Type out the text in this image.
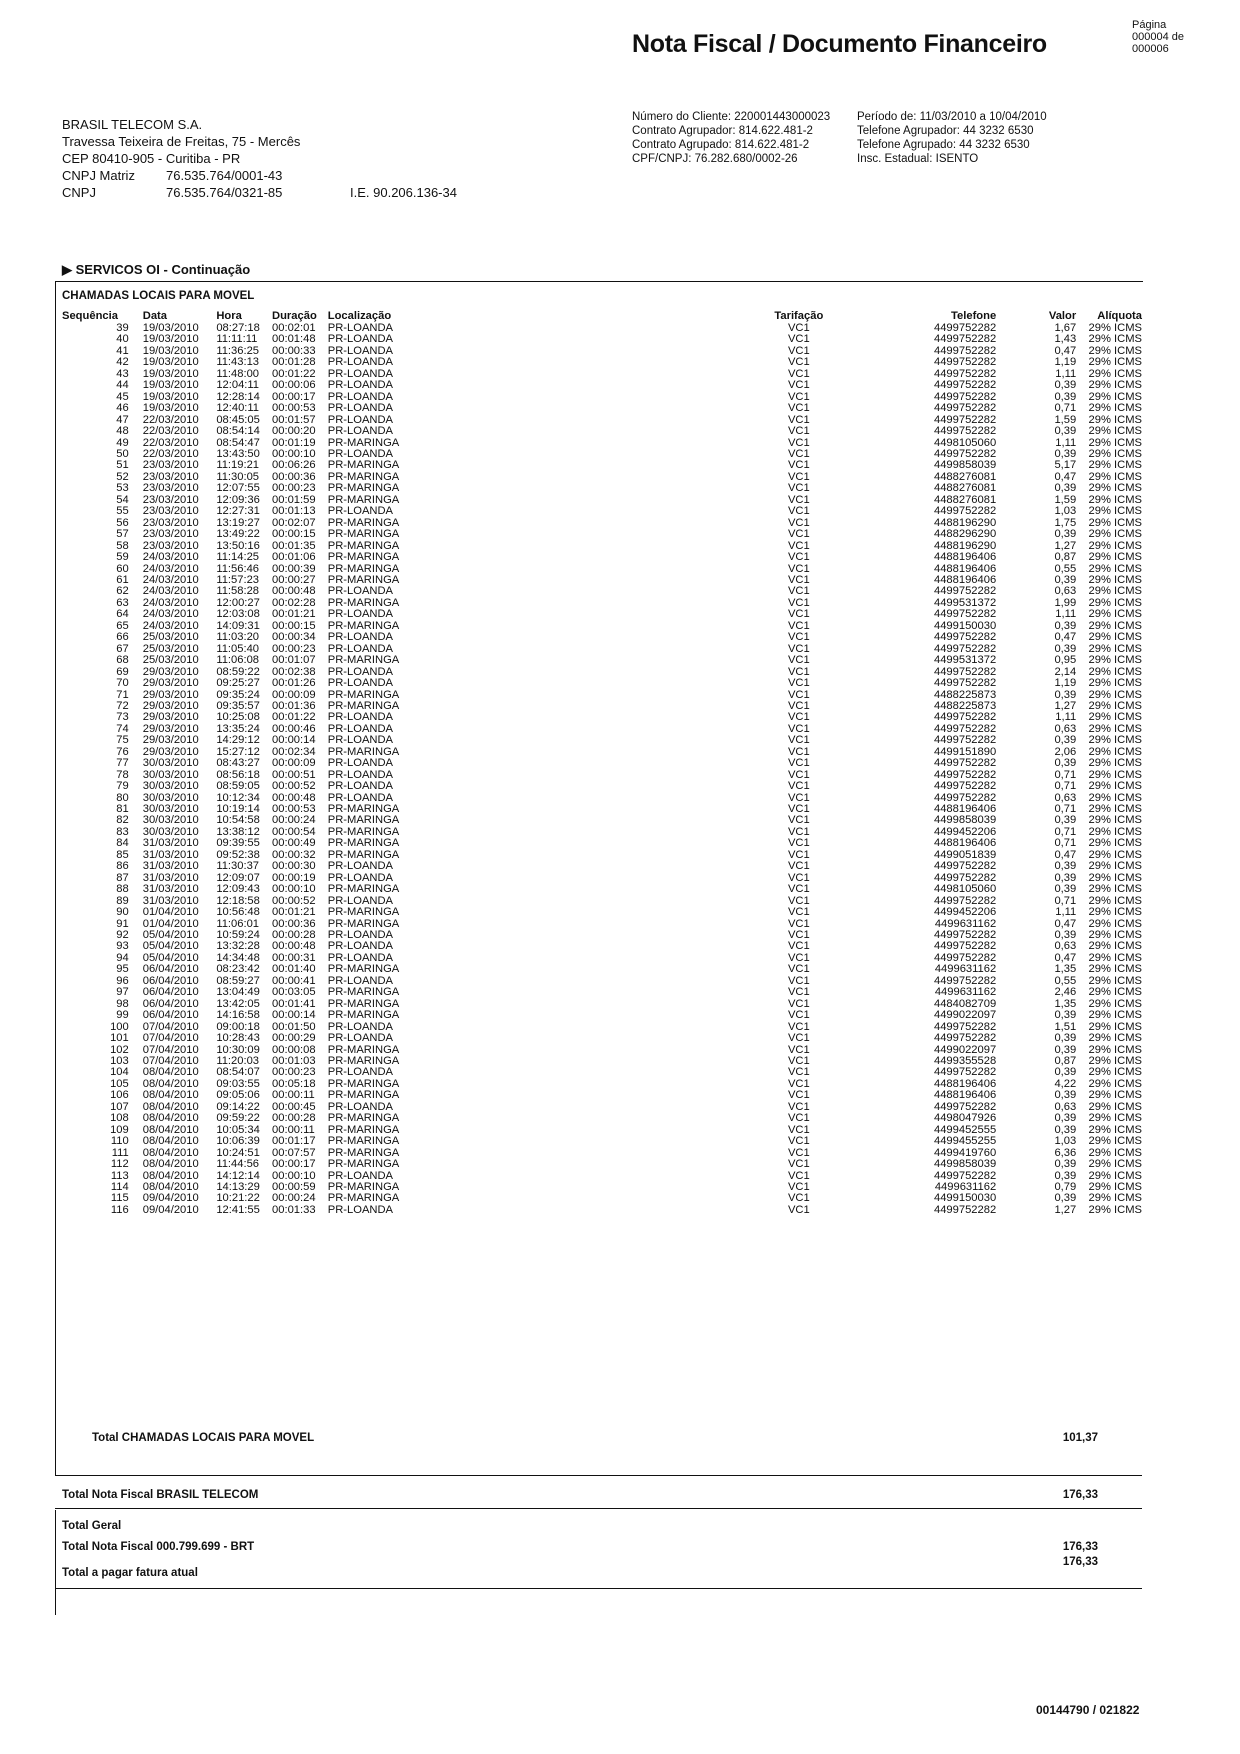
Nota Fiscal / Documento Financeiro
Página
000004 de
000006
BRASIL TELECOM S.A.
Travessa Teixeira de Freitas, 75 - Mercês
CEP 80410-905 - Curitiba - PR
CNPJ Matriz 76.535.764/0001-43
CNPJ	76.535.764/0321-85	I.E. 90.206.136-34
Número do Cliente: 220001443000023
Contrato Agrupador: 814.622.481-2
Contrato Agrupado: 814.622.481-2
CPF/CNPJ: 76.282.680/0002-26
Período de: 11/03/2010 a 10/04/2010
Telefone Agrupador: 44 3232 6530
Telefone Agrupado: 44 3232 6530
Insc. Estadual: ISENTO
▶ SERVICOS OI - Continuação
CHAMADAS LOCAIS PARA MOVEL
Sequência	Data	Hora	Duração	Localização	Tarifação	Telefone	Valor	Alíquota
39	19/03/2010	08:27:18	00:02:01	PR-LOANDA	VC1	4499752282	1,67	29% ICMS
40	19/03/2010	11:11:11	00:01:48	PR-LOANDA	VC1	4499752282	1,43	29% ICMS
41	19/03/2010	11:36:25	00:00:33	PR-LOANDA	VC1	4499752282	0,47	29% ICMS
42	19/03/2010	11:43:13	00:01:28	PR-LOANDA	VC1	4499752282	1,19	29% ICMS
43	19/03/2010	11:48:00	00:01:22	PR-LOANDA	VC1	4499752282	1,11	29% ICMS
44	19/03/2010	12:04:11	00:00:06	PR-LOANDA	VC1	4499752282	0,39	29% ICMS
45	19/03/2010	12:28:14	00:00:17	PR-LOANDA	VC1	4499752282	0,39	29% ICMS
46	19/03/2010	12:40:11	00:00:53	PR-LOANDA	VC1	4499752282	0,71	29% ICMS
47	22/03/2010	08:45:05	00:01:57	PR-LOANDA	VC1	4499752282	1,59	29% ICMS
48	22/03/2010	08:54:14	00:00:20	PR-LOANDA	VC1	4499752282	0,39	29% ICMS
49	22/03/2010	08:54:47	00:01:19	PR-MARINGA	VC1	4498105060	1,11	29% ICMS
50	22/03/2010	13:43:50	00:00:10	PR-LOANDA	VC1	4499752282	0,39	29% ICMS
51	23/03/2010	11:19:21	00:06:26	PR-MARINGA	VC1	4499858039	5,17	29% ICMS
52	23/03/2010	11:30:05	00:00:36	PR-MARINGA	VC1	4488276081	0,47	29% ICMS
53	23/03/2010	12:07:55	00:00:23	PR-MARINGA	VC1	4488276081	0,39	29% ICMS
54	23/03/2010	12:09:36	00:01:59	PR-MARINGA	VC1	4488276081	1,59	29% ICMS
55	23/03/2010	12:27:31	00:01:13	PR-LOANDA	VC1	4499752282	1,03	29% ICMS
56	23/03/2010	13:19:27	00:02:07	PR-MARINGA	VC1	4488196290	1,75	29% ICMS
57	23/03/2010	13:49:22	00:00:15	PR-MARINGA	VC1	4488296290	0,39	29% ICMS
58	23/03/2010	13:50:16	00:01:35	PR-MARINGA	VC1	4488196290	1,27	29% ICMS
59	24/03/2010	11:14:25	00:01:06	PR-MARINGA	VC1	4488196406	0,87	29% ICMS
60	24/03/2010	11:56:46	00:00:39	PR-MARINGA	VC1	4488196406	0,55	29% ICMS
61	24/03/2010	11:57:23	00:00:27	PR-MARINGA	VC1	4488196406	0,39	29% ICMS
62	24/03/2010	11:58:28	00:00:48	PR-LOANDA	VC1	4499752282	0,63	29% ICMS
63	24/03/2010	12:00:27	00:02:28	PR-MARINGA	VC1	4499531372	1,99	29% ICMS
64	24/03/2010	12:03:08	00:01:21	PR-LOANDA	VC1	4499752282	1,11	29% ICMS
65	24/03/2010	14:09:31	00:00:15	PR-MARINGA	VC1	4499150030	0,39	29% ICMS
66	25/03/2010	11:03:20	00:00:34	PR-LOANDA	VC1	4499752282	0,47	29% ICMS
67	25/03/2010	11:05:40	00:00:23	PR-LOANDA	VC1	4499752282	0,39	29% ICMS
68	25/03/2010	11:06:08	00:01:07	PR-MARINGA	VC1	4499531372	0,95	29% ICMS
69	29/03/2010	08:59:22	00:02:38	PR-LOANDA	VC1	4499752282	2,14	29% ICMS
70	29/03/2010	09:25:27	00:01:26	PR-LOANDA	VC1	4499752282	1,19	29% ICMS
71	29/03/2010	09:35:24	00:00:09	PR-MARINGA	VC1	4488225873	0,39	29% ICMS
72	29/03/2010	09:35:57	00:01:36	PR-MARINGA	VC1	4488225873	1,27	29% ICMS
73	29/03/2010	10:25:08	00:01:22	PR-LOANDA	VC1	4499752282	1,11	29% ICMS
74	29/03/2010	13:35:24	00:00:46	PR-LOANDA	VC1	4499752282	0,63	29% ICMS
75	29/03/2010	14:29:12	00:00:14	PR-LOANDA	VC1	4499752282	0,39	29% ICMS
76	29/03/2010	15:27:12	00:02:34	PR-MARINGA	VC1	4499151890	2,06	29% ICMS
77	30/03/2010	08:43:27	00:00:09	PR-LOANDA	VC1	4499752282	0,39	29% ICMS
78	30/03/2010	08:56:18	00:00:51	PR-LOANDA	VC1	4499752282	0,71	29% ICMS
79	30/03/2010	08:59:05	00:00:52	PR-LOANDA	VC1	4499752282	0,71	29% ICMS
80	30/03/2010	10:12:34	00:00:48	PR-LOANDA	VC1	4499752282	0,63	29% ICMS
81	30/03/2010	10:19:14	00:00:53	PR-MARINGA	VC1	4488196406	0,71	29% ICMS
82	30/03/2010	10:54:58	00:00:24	PR-MARINGA	VC1	4499858039	0,39	29% ICMS
83	30/03/2010	13:38:12	00:00:54	PR-MARINGA	VC1	4499452206	0,71	29% ICMS
84	31/03/2010	09:39:55	00:00:49	PR-MARINGA	VC1	4488196406	0,71	29% ICMS
85	31/03/2010	09:52:38	00:00:32	PR-MARINGA	VC1	4499051839	0,47	29% ICMS
86	31/03/2010	11:30:37	00:00:30	PR-LOANDA	VC1	4499752282	0,39	29% ICMS
87	31/03/2010	12:09:07	00:00:19	PR-LOANDA	VC1	4499752282	0,39	29% ICMS
88	31/03/2010	12:09:43	00:00:10	PR-MARINGA	VC1	4498105060	0,39	29% ICMS
89	31/03/2010	12:18:58	00:00:52	PR-LOANDA	VC1	4499752282	0,71	29% ICMS
90	01/04/2010	10:56:48	00:01:21	PR-MARINGA	VC1	4499452206	1,11	29% ICMS
91	01/04/2010	11:06:01	00:00:36	PR-MARINGA	VC1	4499631162	0,47	29% ICMS
92	05/04/2010	10:59:24	00:00:28	PR-LOANDA	VC1	4499752282	0,39	29% ICMS
93	05/04/2010	13:32:28	00:00:48	PR-LOANDA	VC1	4499752282	0,63	29% ICMS
94	05/04/2010	14:34:48	00:00:31	PR-LOANDA	VC1	4499752282	0,47	29% ICMS
95	06/04/2010	08:23:42	00:01:40	PR-MARINGA	VC1	4499631162	1,35	29% ICMS
96	06/04/2010	08:59:27	00:00:41	PR-LOANDA	VC1	4499752282	0,55	29% ICMS
97	06/04/2010	13:04:49	00:03:05	PR-MARINGA	VC1	4499631162	2,46	29% ICMS
98	06/04/2010	13:42:05	00:01:41	PR-MARINGA	VC1	4484082709	1,35	29% ICMS
99	06/04/2010	14:16:58	00:00:14	PR-MARINGA	VC1	4499022097	0,39	29% ICMS
100	07/04/2010	09:00:18	00:01:50	PR-LOANDA	VC1	4499752282	1,51	29% ICMS
101	07/04/2010	10:28:43	00:00:29	PR-LOANDA	VC1	4499752282	0,39	29% ICMS
102	07/04/2010	10:30:09	00:00:08	PR-MARINGA	VC1	4499022097	0,39	29% ICMS
103	07/04/2010	11:20:03	00:01:03	PR-MARINGA	VC1	4499355528	0,87	29% ICMS
104	08/04/2010	08:54:07	00:00:23	PR-LOANDA	VC1	4499752282	0,39	29% ICMS
105	08/04/2010	09:03:55	00:05:18	PR-MARINGA	VC1	4488196406	4,22	29% ICMS
106	08/04/2010	09:05:06	00:00:11	PR-MARINGA	VC1	4488196406	0,39	29% ICMS
107	08/04/2010	09:14:22	00:00:45	PR-LOANDA	VC1	4499752282	0,63	29% ICMS
108	08/04/2010	09:59:22	00:00:28	PR-MARINGA	VC1	4498047926	0,39	29% ICMS
109	08/04/2010	10:05:34	00:00:11	PR-MARINGA	VC1	4499452555	0,39	29% ICMS
110	08/04/2010	10:06:39	00:01:17	PR-MARINGA	VC1	4499455255	1,03	29% ICMS
111	08/04/2010	10:24:51	00:07:57	PR-MARINGA	VC1	4499419760	6,36	29% ICMS
112	08/04/2010	11:44:56	00:00:17	PR-MARINGA	VC1	4499858039	0,39	29% ICMS
113	08/04/2010	14:12:14	00:00:10	PR-LOANDA	VC1	4499752282	0,39	29% ICMS
114	08/04/2010	14:13:29	00:00:59	PR-MARINGA	VC1	4499631162	0,79	29% ICMS
115	09/04/2010	10:21:22	00:00:24	PR-MARINGA	VC1	4499150030	0,39	29% ICMS
116	09/04/2010	12:41:55	00:01:33	PR-LOANDA	VC1	4499752282	1,27	29% ICMS
Total CHAMADAS LOCAIS PARA MOVEL	101,37
Total Nota Fiscal BRASIL TELECOM	176,33
Total Geral
Total Nota Fiscal 000.799.699 - BRT	176,33
176,33
Total a pagar fatura atual
00144790 / 021822
